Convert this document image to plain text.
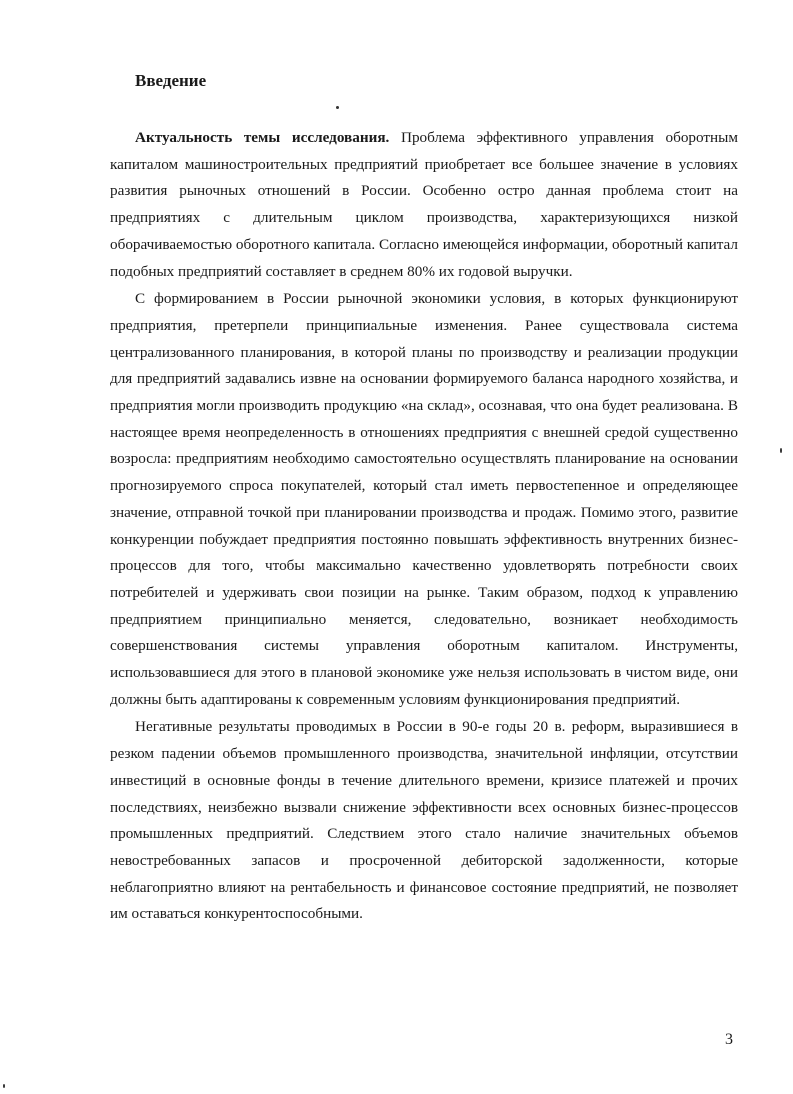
Введение

Актуальность темы исследования. Проблема эффективного управления оборотным капиталом машиностроительных предприятий приобретает все большее значение в условиях развития рыночных отношений в России. Особенно остро данная проблема стоит на предприятиях с длительным циклом производства, характеризующихся низкой оборачиваемостью оборотного капитала. Согласно имеющейся информации, оборотный капитал подобных предприятий составляет в среднем 80% их годовой выручки.

С формированием в России рыночной экономики условия, в которых функционируют предприятия, претерпели принципиальные изменения. Ранее существовала система централизованного планирования, в которой планы по производству и реализации продукции для предприятий задавались извне на основании формируемого баланса народного хозяйства, и предприятия могли производить продукцию «на склад», осознавая, что она будет реализована. В настоящее время неопределенность в отношениях предприятия с внешней средой существенно возросла: предприятиям необходимо самостоятельно осуществлять планирование на основании прогнозируемого спроса покупателей, который стал иметь первостепенное и определяющее значение, отправной точкой при планировании производства и продаж. Помимо этого, развитие конкуренции побуждает предприятия постоянно повышать эффективность внутренних бизнес-процессов для того, чтобы максимально качественно удовлетворять потребности своих потребителей и удерживать свои позиции на рынке. Таким образом, подход к управлению предприятием принципиально меняется, следовательно, возникает необходимость совершенствования системы управления оборотным капиталом. Инструменты, использовавшиеся для этого в плановой экономике уже нельзя использовать в чистом виде, они должны быть адаптированы к современным условиям функционирования предприятий.

Негативные результаты проводимых в России в 90-е годы 20 в. реформ, выразившиеся в резком падении объемов промышленного производства, значительной инфляции, отсутствии инвестиций в основные фонды в течение длительного времени, кризисе платежей и прочих последствиях, неизбежно вызвали снижение эффективности всех основных бизнес-процессов промышленных предприятий. Следствием этого стало наличие значительных объемов невостребованных запасов и просроченной дебиторской задолженности, которые неблагоприятно влияют на рентабельность и финансовое состояние предприятий, не позволяет им оставаться конкурентоспособными.

3
